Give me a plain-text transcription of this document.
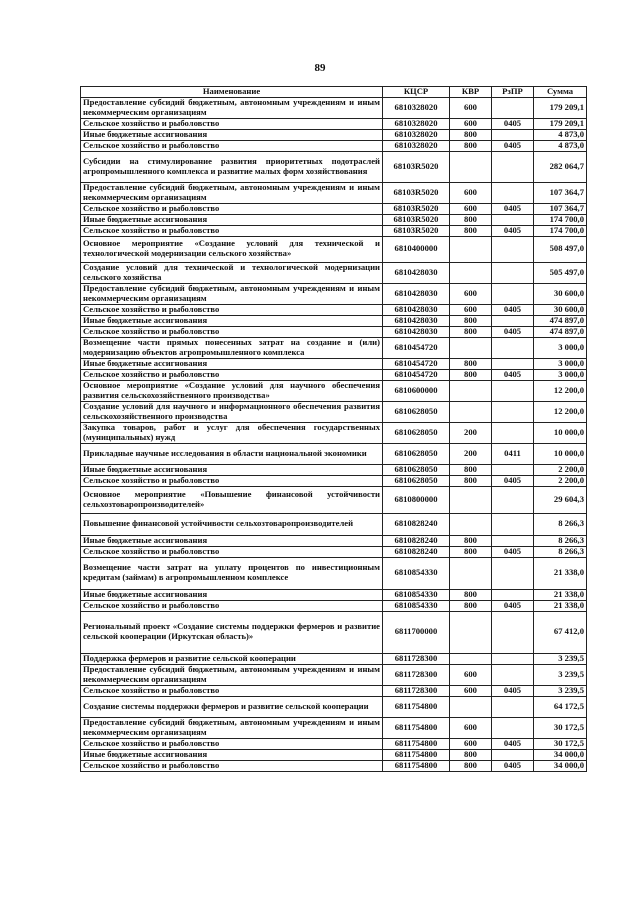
89
Наименование	КЦСР	КВР	РзПР	Сумма
Предоставление субсидий бюджетным, автономным учреждениям и иным некоммерческим организациям	6810328020	600		179 209,1
Сельское хозяйство и рыболовство	6810328020	600	0405	179 209,1
Иные бюджетные ассигнования	6810328020	800		4 873,0
Сельское хозяйство и рыболовство	6810328020	800	0405	4 873,0
Субсидии на стимулирование развития приоритетных подотраслей агропромышленного комплекса и развитие малых форм хозяйствования	68103R5020			282 064,7
Предоставление субсидий бюджетным, автономным учреждениям и иным некоммерческим организациям	68103R5020	600		107 364,7
Сельское хозяйство и рыболовство	68103R5020	600	0405	107 364,7
Иные бюджетные ассигнования	68103R5020	800		174 700,0
Сельское хозяйство и рыболовство	68103R5020	800	0405	174 700,0
Основное мероприятие «Создание условий для технической и технологической модернизации сельского хозяйства»	6810400000			508 497,0
Создание условий для технической и технологической модернизации сельского хозяйства	6810428030			505 497,0
Предоставление субсидий бюджетным, автономным учреждениям и иным некоммерческим организациям	6810428030	600		30 600,0
Сельское хозяйство и рыболовство	6810428030	600	0405	30 600,0
Иные бюджетные ассигнования	6810428030	800		474 897,0
Сельское хозяйство и рыболовство	6810428030	800	0405	474 897,0
Возмещение части прямых понесенных затрат на создание и (или) модернизацию объектов агропромышленного комплекса	6810454720			3 000,0
Иные бюджетные ассигнования	6810454720	800		3 000,0
Сельское хозяйство и рыболовство	6810454720	800	0405	3 000,0
Основное мероприятие «Создание условий для научного обеспечения развития сельскохозяйственного производства»	6810600000			12 200,0
Создание условий для научного и информационного обеспечения развития сельскохозяйственного производства	6810628050			12 200,0
Закупка товаров, работ и услуг для обеспечения государственных (муниципальных) нужд	6810628050	200		10 000,0
Прикладные научные исследования в области национальной экономики	6810628050	200	0411	10 000,0
Иные бюджетные ассигнования	6810628050	800		2 200,0
Сельское хозяйство и рыболовство	6810628050	800	0405	2 200,0
Основное мероприятие «Повышение финансовой устойчивости сельхозтоваропроизводителей»	6810800000			29 604,3
Повышение финансовой устойчивости сельхозтоваропроизводителей	6810828240			8 266,3
Иные бюджетные ассигнования	6810828240	800		8 266,3
Сельское хозяйство и рыболовство	6810828240	800	0405	8 266,3
Возмещение части затрат на уплату процентов по инвестиционным кредитам (займам) в агропромышленном комплексе	6810854330			21 338,0
Иные бюджетные ассигнования	6810854330	800		21 338,0
Сельское хозяйство и рыболовство	6810854330	800	0405	21 338,0
Региональный проект «Создание системы поддержки фермеров и развитие сельской кооперации (Иркутская область)»	6811700000			67 412,0
Поддержка фермеров и развитие сельской кооперации	6811728300			3 239,5
Предоставление субсидий бюджетным, автономным учреждениям и иным некоммерческим организациям	6811728300	600		3 239,5
Сельское хозяйство и рыболовство	6811728300	600	0405	3 239,5
Создание системы поддержки фермеров и развитие сельской кооперации	6811754800			64 172,5
Предоставление субсидий бюджетным, автономным учреждениям и иным некоммерческим организациям	6811754800	600		30 172,5
Сельское хозяйство и рыболовство	6811754800	600	0405	30 172,5
Иные бюджетные ассигнования	6811754800	800		34 000,0
Сельское хозяйство и рыболовство	6811754800	800	0405	34 000,0
